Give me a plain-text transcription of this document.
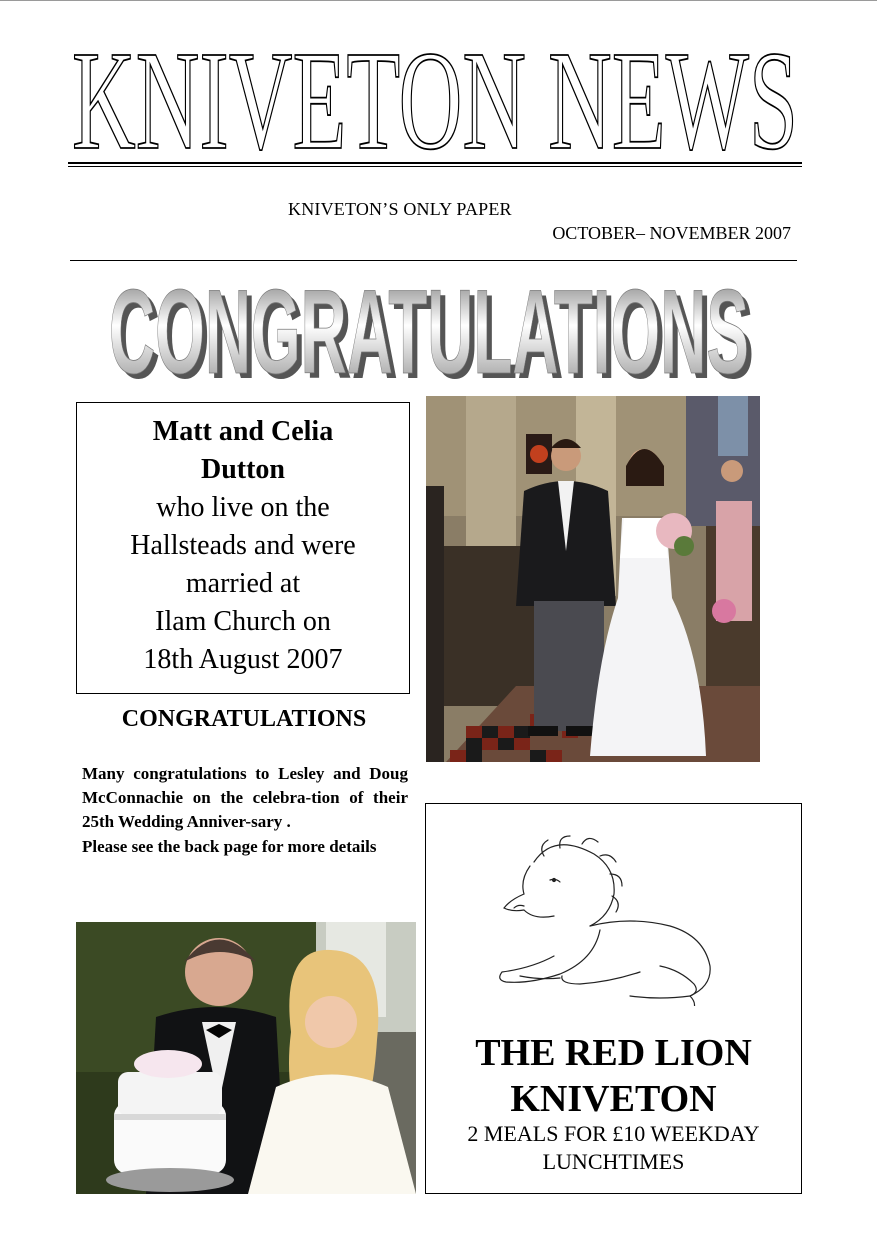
KNIVETON NEWS
KNIVETON’S ONLY PAPER
OCTOBER– NOVEMBER 2007
CONGRATULATIONS
CONGRATULATIONS
Matt and Celia
Dutton
who live on the
Hallsteads and were
married at
Ilam Church on
18th August 2007
CONGRATULATIONS

Many congratulations to Lesley and Doug McConnachie on the celebra-tion of their 25th Wedding Anniver-sary .

Please see the back page for more details

THE RED LION
KNIVETON
2 MEALS FOR £10 WEEKDAY
LUNCHTIMES
